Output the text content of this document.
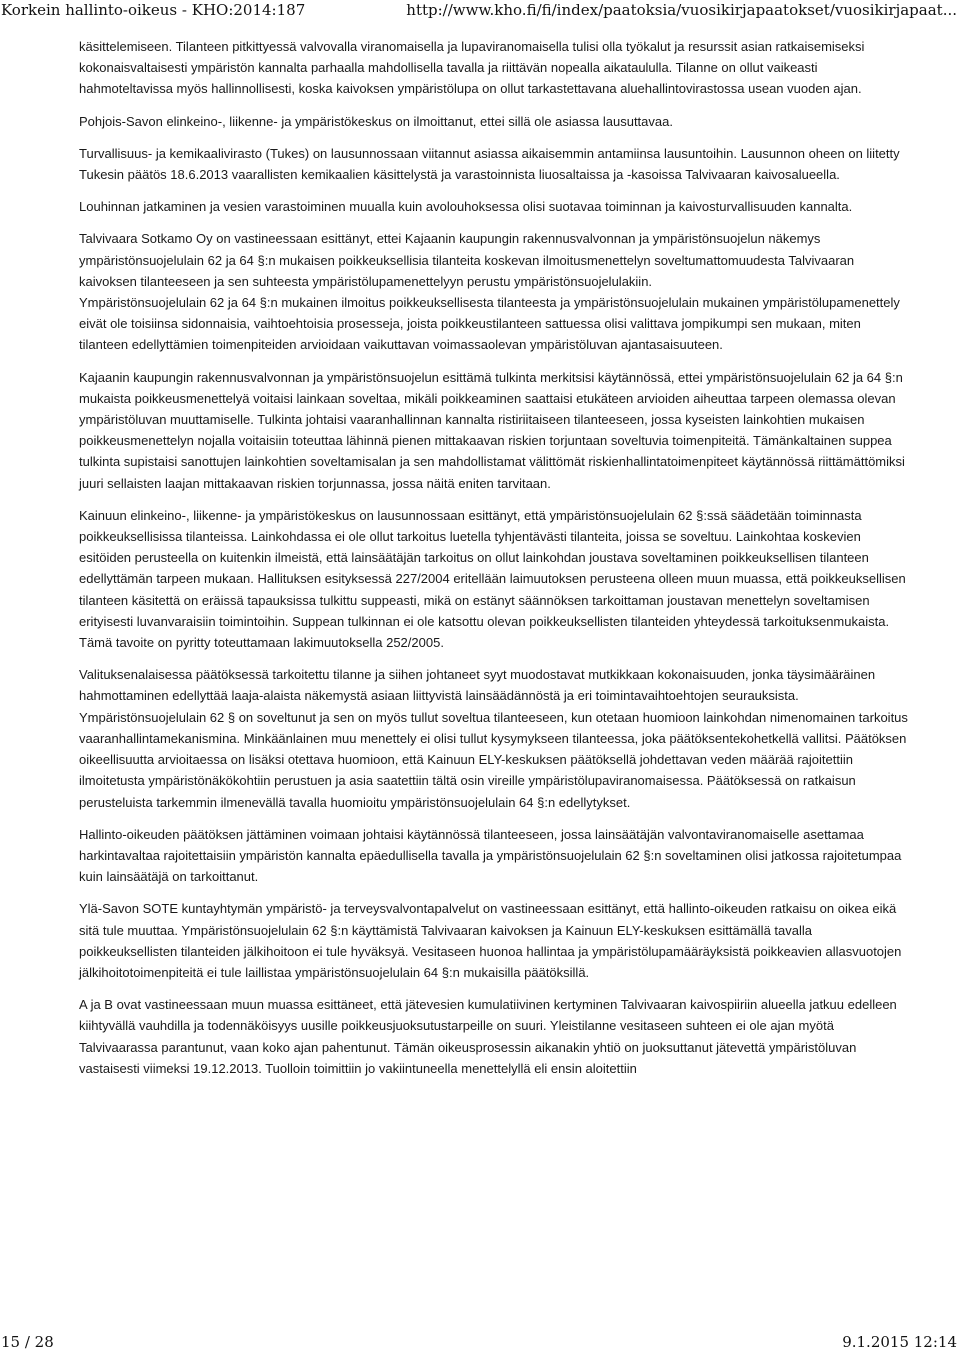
Korkein hallinto-oikeus - KHO:2014:187	http://www.kho.fi/fi/index/paatoksia/vuosikirjapaatokset/vuosikirjapaat...

käsittelemiseen. Tilanteen pitkittyessä valvovalla viranomaisella ja lupaviranomaisella tulisi olla työkalut ja resurssit asian ratkaisemiseksi kokonaisvaltaisesti ympäristön kannalta parhaalla mahdollisella tavalla ja riittävän nopealla aikataululla. Tilanne on ollut vaikeasti hahmoteltavissa myös hallinnollisesti, koska kaivoksen ympäristölupa on ollut tarkastettavana aluehallintovirastossa usean vuoden ajan.

Pohjois-Savon elinkeino-, liikenne- ja ympäristökeskus on ilmoittanut, ettei sillä ole asiassa lausuttavaa.

Turvallisuus- ja kemikaalivirasto (Tukes) on lausunnossaan viitannut asiassa aikaisemmin antamiinsa lausuntoihin. Lausunnon oheen on liitetty Tukesin päätös 18.6.2013 vaarallisten kemikaalien käsittelystä ja varastoinnista liuosaltaissa ja -kasoissa Talvivaaran kaivosalueella.

Louhinnan jatkaminen ja vesien varastoiminen muualla kuin avolouhoksessa olisi suotavaa toiminnan ja kaivosturvallisuuden kannalta.

Talvivaara Sotkamo Oy on vastineessaan esittänyt, ettei Kajaanin kaupungin rakennusvalvonnan ja ympäristönsuojelun näkemys ympäristönsuojelulain 62 ja 64 §:n mukaisen poikkeuksellisia tilanteita koskevan ilmoitusmenettelyn soveltumattomuudesta Talvivaaran kaivoksen tilanteeseen ja sen suhteesta ympäristölupamenettelyyn perustu ympäristönsuojelulakiin.

Ympäristönsuojelulain 62 ja 64 §:n mukainen ilmoitus poikkeuksellisesta tilanteesta ja ympäristönsuojelulain mukainen ympäristölupamenettely eivät ole toisiinsa sidonnaisia, vaihtoehtoisia prosesseja, joista poikkeustilanteen sattuessa olisi valittava jompikumpi sen mukaan, miten tilanteen edellyttämien toimenpiteiden arvioidaan vaikuttavan voimassaolevan ympäristöluvan ajantasaisuuteen.

Kajaanin kaupungin rakennusvalvonnan ja ympäristönsuojelun esittämä tulkinta merkitsisi käytännössä, ettei ympäristönsuojelulain 62 ja 64 §:n mukaista poikkeusmenettelyä voitaisi lainkaan soveltaa, mikäli poikkeaminen saattaisi etukäteen arvioiden aiheuttaa tarpeen olemassa olevan ympäristöluvan muuttamiselle. Tulkinta johtaisi vaaranhallinnan kannalta ristiriitaiseen tilanteeseen, jossa kyseisten lainkohtien mukaisen poikkeusmenettelyn nojalla voitaisiin toteuttaa lähinnä pienen mittakaavan riskien torjuntaan soveltuvia toimenpiteitä. Tämänkaltainen suppea tulkinta supistaisi sanottujen lainkohtien soveltamisalan ja sen mahdollistamat välittömät riskienhallintatoimenpiteet käytännössä riittämättömiksi juuri sellaisten laajan mittakaavan riskien torjunnassa, jossa näitä eniten tarvitaan.

Kainuun elinkeino-, liikenne- ja ympäristökeskus on lausunnossaan esittänyt, että ympäristönsuojelulain 62 §:ssä säädetään toiminnasta poikkeuksellisissa tilanteissa. Lainkohdassa ei ole ollut tarkoitus luetella tyhjentävästi tilanteita, joissa se soveltuu. Lainkohtaa koskevien esitöiden perusteella on kuitenkin ilmeistä, että lainsäätäjän tarkoitus on ollut lainkohdan joustava soveltaminen poikkeuksellisen tilanteen edellyttämän tarpeen mukaan. Hallituksen esityksessä 227/2004 eritellään laimuutoksen perusteena olleen muun muassa, että poikkeuksellisen tilanteen käsitettä on eräissä tapauksissa tulkittu suppeasti, mikä on estänyt säännöksen tarkoittaman joustavan menettelyn soveltamisen erityisesti luvanvaraisiin toimintoihin. Suppean tulkinnan ei ole katsottu olevan poikkeuksellisten tilanteiden yhteydessä tarkoituksenmukaista. Tämä tavoite on pyritty toteuttamaan lakimuutoksella 252/2005.

Valituksenalaisessa päätöksessä tarkoitettu tilanne ja siihen johtaneet syyt muodostavat mutkikkaan kokonaisuuden, jonka täysimääräinen hahmottaminen edellyttää laaja-alaista näkemystä asiaan liittyvistä lainsäädännöstä ja eri toimintavaihtoehtojen seurauksista. Ympäristönsuojelulain 62 § on soveltunut ja sen on myös tullut soveltua tilanteeseen, kun otetaan huomioon lainkohdan nimenomainen tarkoitus vaaranhallintamekanismina. Minkäänlainen muu menettely ei olisi tullut kysymykseen tilanteessa, joka päätöksentekohetkellä vallitsi. Päätöksen oikeellisuutta arvioitaessa on lisäksi otettava huomioon, että Kainuun ELY-keskuksen päätöksellä johdettavan veden määrää rajoitettiin ilmoitetusta ympäristönäkökohtiin perustuen ja asia saatettiin tältä osin vireille ympäristölupaviranomaisessa. Päätöksessä on ratkaisun perusteluista tarkemmin ilmenevällä tavalla huomioitu ympäristönsuojelulain 64 §:n edellytykset.

Hallinto-oikeuden päätöksen jättäminen voimaan johtaisi käytännössä tilanteeseen, jossa lainsäätäjän valvontaviranomaiselle asettamaa harkintavaltaa rajoitettaisiin ympäristön kannalta epäedullisella tavalla ja ympäristönsuojelulain 62 §:n soveltaminen olisi jatkossa rajoitetumpaa kuin lainsäätäjä on tarkoittanut.

Ylä-Savon SOTE kuntayhtymän ympäristö- ja terveysvalvontapalvelut on vastineessaan esittänyt, että hallinto-oikeuden ratkaisu on oikea eikä sitä tule muuttaa. Ympäristönsuojelulain 62 §:n käyttämistä Talvivaaran kaivoksen ja Kainuun ELY-keskuksen esittämällä tavalla poikkeuksellisten tilanteiden jälkihoitoon ei tule hyväksyä. Vesitaseen huonoa hallintaa ja ympäristölupamääräyksistä poikkeavien allasvuotojen jälkihoitotoimenpiteitä ei tule laillistaa ympäristönsuojelulain 64 §:n mukaisilla päätöksillä.

A ja B ovat vastineessaan muun muassa esittäneet, että jätevesien kumulatiivinen kertyminen Talvivaaran kaivospiiriin alueella jatkuu edelleen kiihtyvällä vauhdilla ja todennäköisyys uusille poikkeusjuoksutustarpeille on suuri. Yleistilanne vesitaseen suhteen ei ole ajan myötä Talvivaarassa parantunut, vaan koko ajan pahentunut. Tämän oikeusprosessin aikanakin yhtiö on juoksuttanut jätevettä ympäristöluvan vastaisesti viimeksi 19.12.2013. Tuolloin toimittiin jo vakiintuneella menettelyllä eli ensin aloitettiin

15 / 28	9.1.2015 12:14
